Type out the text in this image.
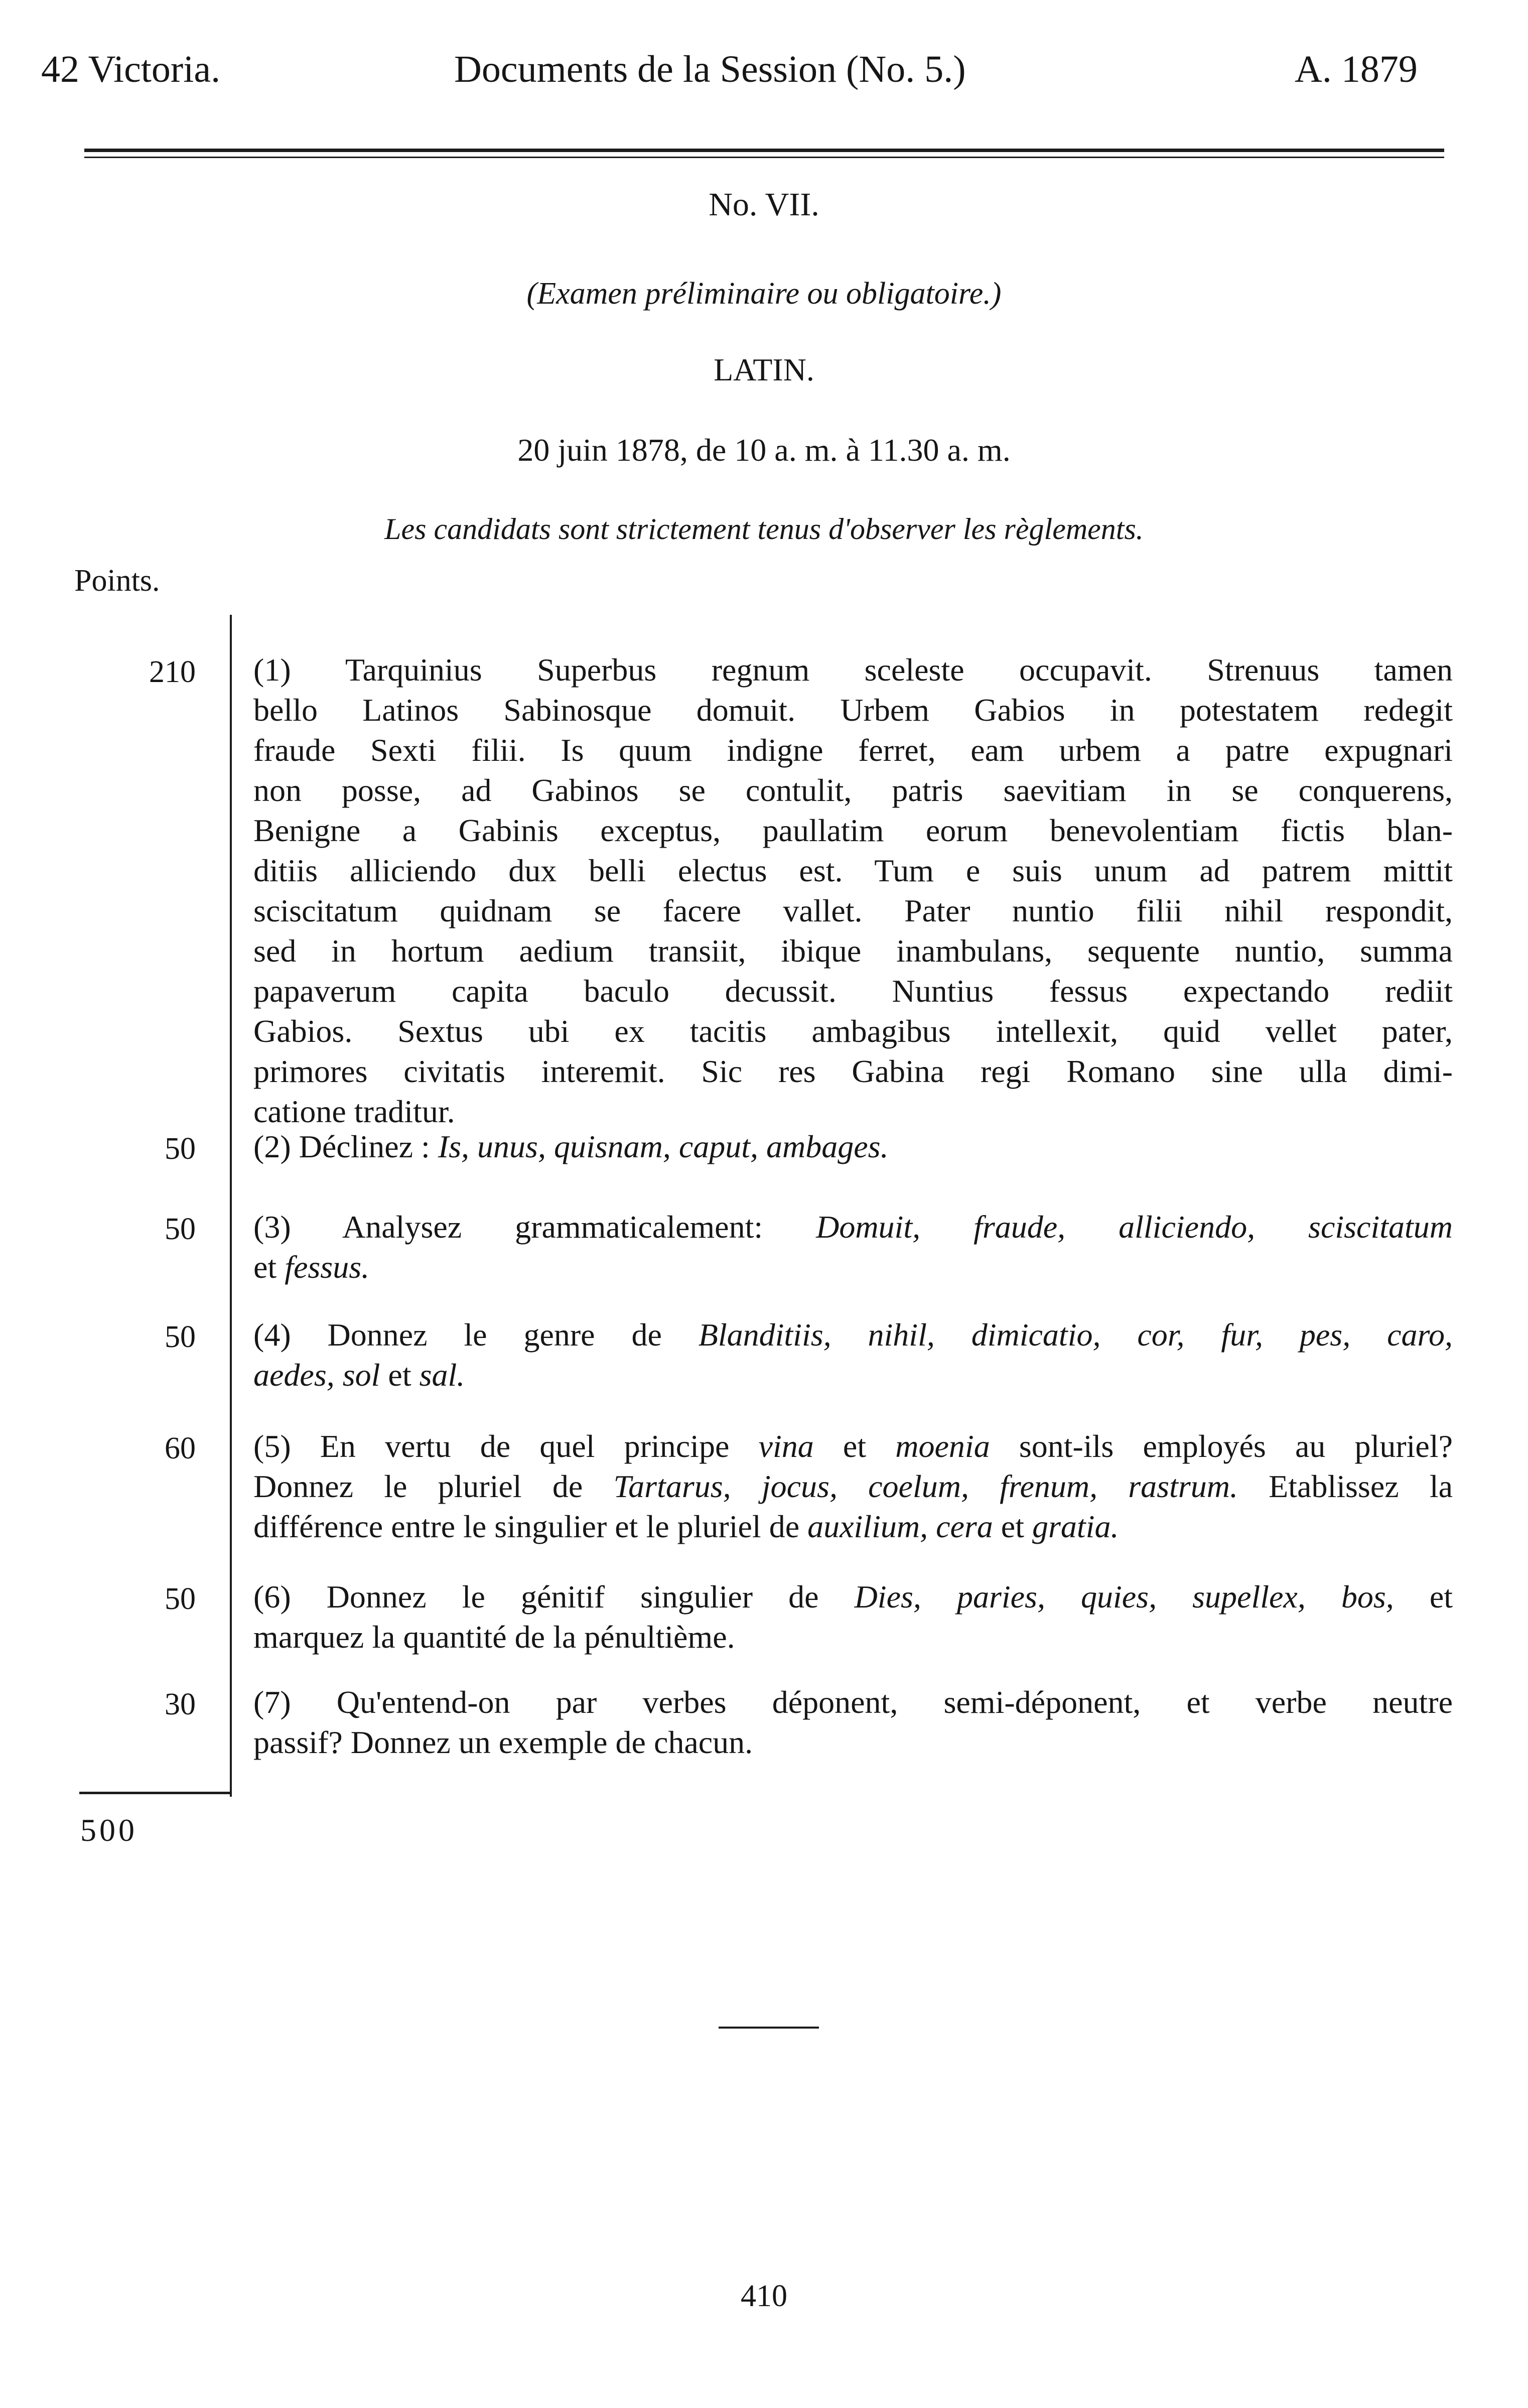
42 Victoria.	Documents de la Session (No. 5.)	A. 1879
No. VII.
(Examen préliminaire ou obligatoire.)
LATIN.
20 juin 1878, de 10 a. m. à 11.30 a. m.
Les candidats sont strictement tenus d'observer les règlements.
Points.
210 (1) Tarquinius Superbus regnum sceleste occupavit. Strenuus tamen
bello Latinos Sabinosque domuit. Urbem Gabios in potestatem redegit
fraude Sexti filii. Is quum indigne ferret, eam urbem a patre expugnari
non posse, ad Gabinos se contulit, patris saevitiam in se conquerens,
Benigne a Gabinis exceptus, paullatim eorum benevolentiam fictis blan-
ditiis alliciendo dux belli electus est. Tum e suis unum ad patrem mittit
sciscitatum quidnam se facere vallet. Pater nuntio filii nihil respondit,
sed in hortum aedium transiit, ibique inambulans, sequente nuntio, summa
papaverum capita baculo decussit. Nuntius fessus expectando rediit
Gabios. Sextus ubi ex tacitis ambagibus intellexit, quid vellet pater,
primores civitatis interemit. Sic res Gabina regi Romano sine ulla dimi-
catione traditur.
50 (2) Déclinez : Is, unus, quisnam, caput, ambages.
50 (3) Analysez grammaticalement: Domuit, fraude, alliciendo, sciscitatum
et fessus.
50 (4) Donnez le genre de Blanditiis, nihil, dimicatio, cor, fur, pes, caro,
aedes, sol et sal.
60 (5) En vertu de quel principe vina et moenia sont-ils employés au pluriel?
Donnez le pluriel de Tartarus, jocus, coelum, frenum, rastrum. Etablissez la
différence entre le singulier et le pluriel de auxilium, cera et gratia.
50 (6) Donnez le génitif singulier de Dies, paries, quies, supellex, bos, et
marquez la quantité de la pénultième.
30 (7) Qu'entend-on par verbes déponent, semi-déponent, et verbe neutre
passif? Donnez un exemple de chacun.
500
410
